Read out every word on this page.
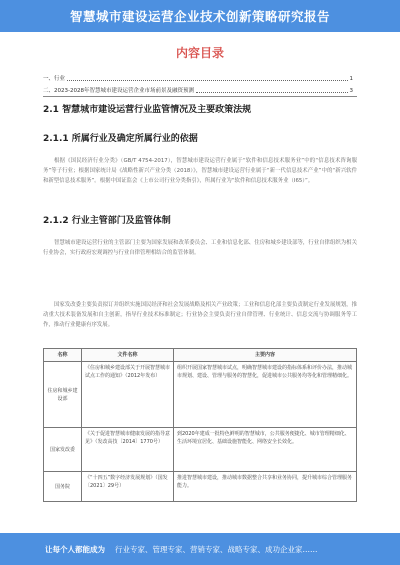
智慧城市建设运营企业技术创新策略研究报告
内容目录
一、行业	1
二、2023-2028年智慧城市建设运营企业市场前景及融资预测	3
2.1 智慧城市建设运营行业监管情况及主要政策法规
2.1.1 所属行业及确定所属行业的依据
根据《国民经济行业分类》（GB/T 4754-2017），智慧城市建设运营行业属于“软件和信息技术服务业”中的“信息技术咨询服务”等子行业；根据国家统计局《战略性新兴产业分类（2018）》，智慧城市建设运营行业属于“新一代信息技术产业”中的“新兴软件和新型信息技术服务”。根据中国证监会《上市公司行业分类指引》，所属行业为“软件和信息技术服务业（I65）”。
2.1.2 行业主管部门及监管体制
智慧城市建设运营行业的主管部门主要为国家发展和改革委员会、工业和信息化部、住房和城乡建设部等，行业自律组织为相关行业协会，实行政府宏观调控与行业自律管理相结合的监管体制。
国家发改委主要负责拟订并组织实施国民经济和社会发展战略及相关产业政策；工业和信息化部主要负责制定行业发展规划，推动重大技术装备发展和自主创新，指导行业技术标准制定；行业协会主要负责行业自律管理、行业统计、信息交流与协调服务等工作，推动行业健康有序发展。
名称	文件名称	主要内容
住房和城乡建设部	《住房和城乡建设部关于开展智慧城市试点工作的通知》（2012年发布）	组织开展国家智慧城市试点，明确智慧城市建设的指标体系和评价办法，推动城市规划、建设、管理与服务的智慧化，促进城市公共服务均等化和管理精细化。
国家发改委	《关于促进智慧城市健康发展的指导意见》（发改高技〔2014〕1770号）	到2020年建成一批特色鲜明的智慧城市，公共服务便捷化、城市管理精细化、生活环境宜居化、基础设施智能化、网络安全长效化。
国务院	《“十四五”数字经济发展规划》（国发〔2021〕29号）	推进智慧城市建设，推动城市数据整合共享和业务协同，提升城市综合管理服务能力。
让每个人都能成为 行业专家、管理专家、营销专家、战略专家、成功企业家……
